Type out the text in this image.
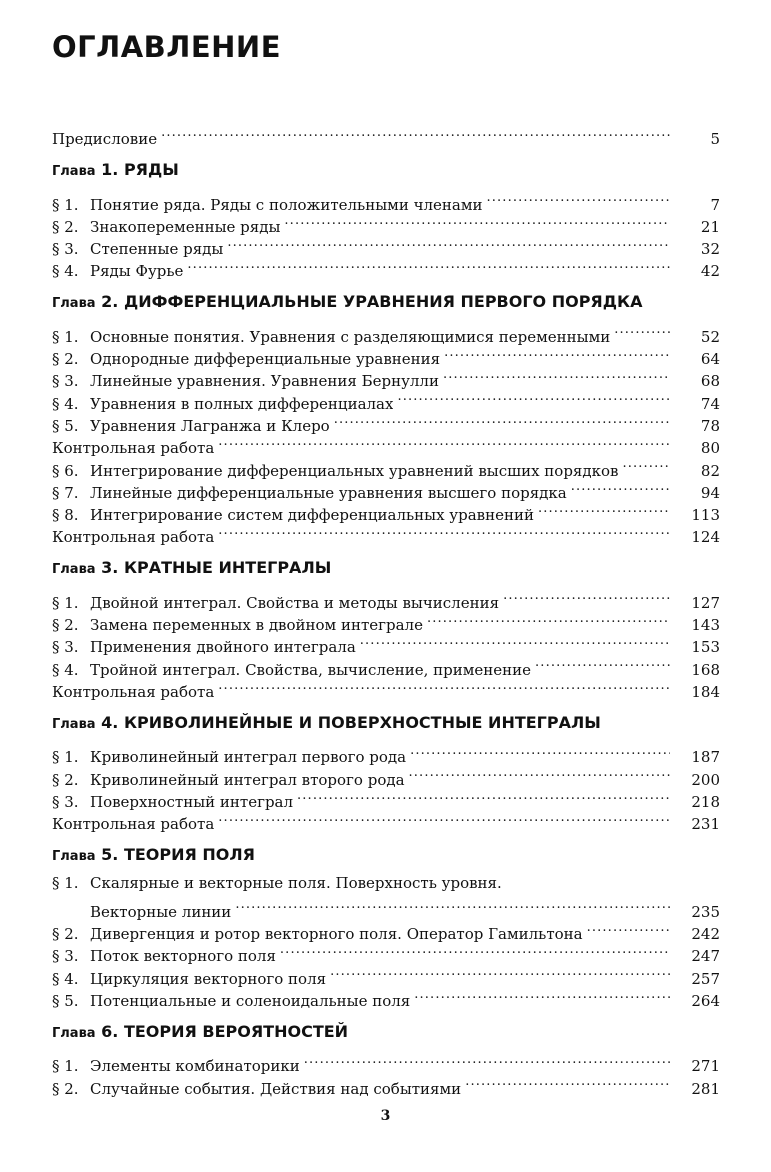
ОГЛАВЛЕНИЕ
Предисловие . . .	5
Глава 1. РЯДЫ
§ 1. Понятие ряда. Ряды с положительными членами . . .	7
§ 2. Знакопеременные ряды . . .	21
§ 3. Степенные ряды . . .	32
§ 4. Ряды Фурье . . .	42
Глава 2. ДИФФЕРЕНЦИАЛЬНЫЕ УРАВНЕНИЯ ПЕРВОГО ПОРЯДКА
§ 1. Основные понятия. Уравнения с разделяющимися переменными . . .	52
§ 2. Однородные дифференциальные уравнения . . .	64
§ 3. Линейные уравнения. Уравнения Бернулли . . .	68
§ 4. Уравнения в полных дифференциалах . . .	74
§ 5. Уравнения Лагранжа и Клеро . . .	78
Контрольная работа . . .	80
§ 6. Интегрирование дифференциальных уравнений высших порядков . . .	82
§ 7. Линейные дифференциальные уравнения высшего порядка . . .	94
§ 8. Интегрирование систем дифференциальных уравнений . . .	113
Контрольная работа . . .	124
Глава 3. КРАТНЫЕ ИНТЕГРАЛЫ
§ 1. Двойной интеграл. Свойства и методы вычисления . . .	127
§ 2. Замена переменных в двойном интеграле . . .	143
§ 3. Применения двойного интеграла . . .	153
§ 4. Тройной интеграл. Свойства, вычисление, применение . . .	168
Контрольная работа . . .	184
Глава 4. КРИВОЛИНЕЙНЫЕ И ПОВЕРХНОСТНЫЕ ИНТЕГРАЛЫ
§ 1. Криволинейный интеграл первого рода . . .	187
§ 2. Криволинейный интеграл второго рода . . .	200
§ 3. Поверхностный интеграл . . .	218
Контрольная работа . . .	231
Глава 5. ТЕОРИЯ ПОЛЯ
§ 1. Скалярные и векторные поля. Поверхность уровня.
Векторные линии . . .	235
§ 2. Дивергенция и ротор векторного поля. Оператор Гамильтона . . .	242
§ 3. Поток векторного поля . . .	247
§ 4. Циркуляция векторного поля . . .	257
§ 5. Потенциальные и соленоидальные поля . . .	264
Глава 6. ТЕОРИЯ ВЕРОЯТНОСТЕЙ
§ 1. Элементы комбинаторики . . .	271
§ 2. Случайные события. Действия над событиями . . .	281
3
